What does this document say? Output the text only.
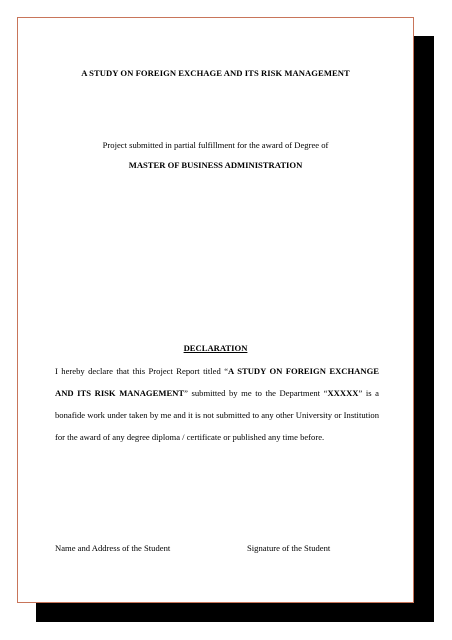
A STUDY ON FOREIGN EXCHAGE AND ITS RISK MANAGEMENT
Project submitted in partial fulfillment for the award of Degree of
MASTER OF BUSINESS ADMINISTRATION
DECLARATION
I hereby declare that this Project Report titled “A STUDY ON FOREIGN EXCHANGE AND ITS RISK MANAGEMENT” submitted by me to the Department “XXXXX” is a bonafide work under taken by me and it is not submitted to any other University or Institution for the award of any degree diploma / certificate or published any time before.
Name and Address of the Student	Signature of the Student
